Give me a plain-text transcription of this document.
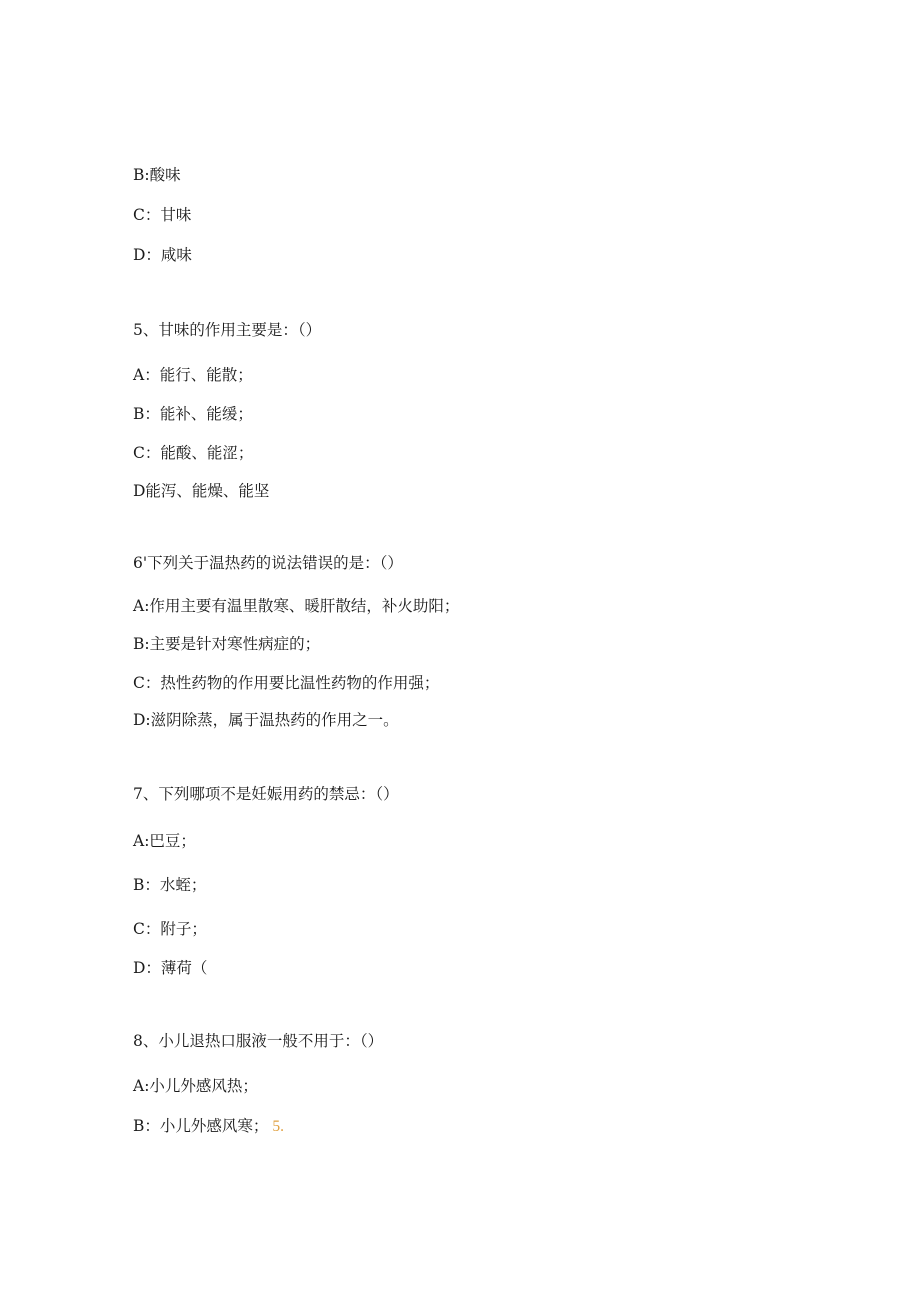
B:酸味
C：甘味
D：咸味
5、甘味的作用主要是：（）
A：能行、能散；
B：能补、能缓；
C：能酸、能涩；
D能泻、能燥、能坚
6'下列关于温热药的说法错误的是：（）
A:作用主要有温里散寒、暖肝散结，补火助阳；
B:主要是针对寒性病症的；
C：热性药物的作用要比温性药物的作用强；
D:滋阴除蒸，属于温热药的作用之一。
7、下列哪项不是妊娠用药的禁忌：（）
A:巴豆；
B：水蛭；
C：附子；
D：薄荷（
8、小儿退热口服液一般不用于：（）
A:小儿外感风热；
B：小儿外感风寒； 5.
